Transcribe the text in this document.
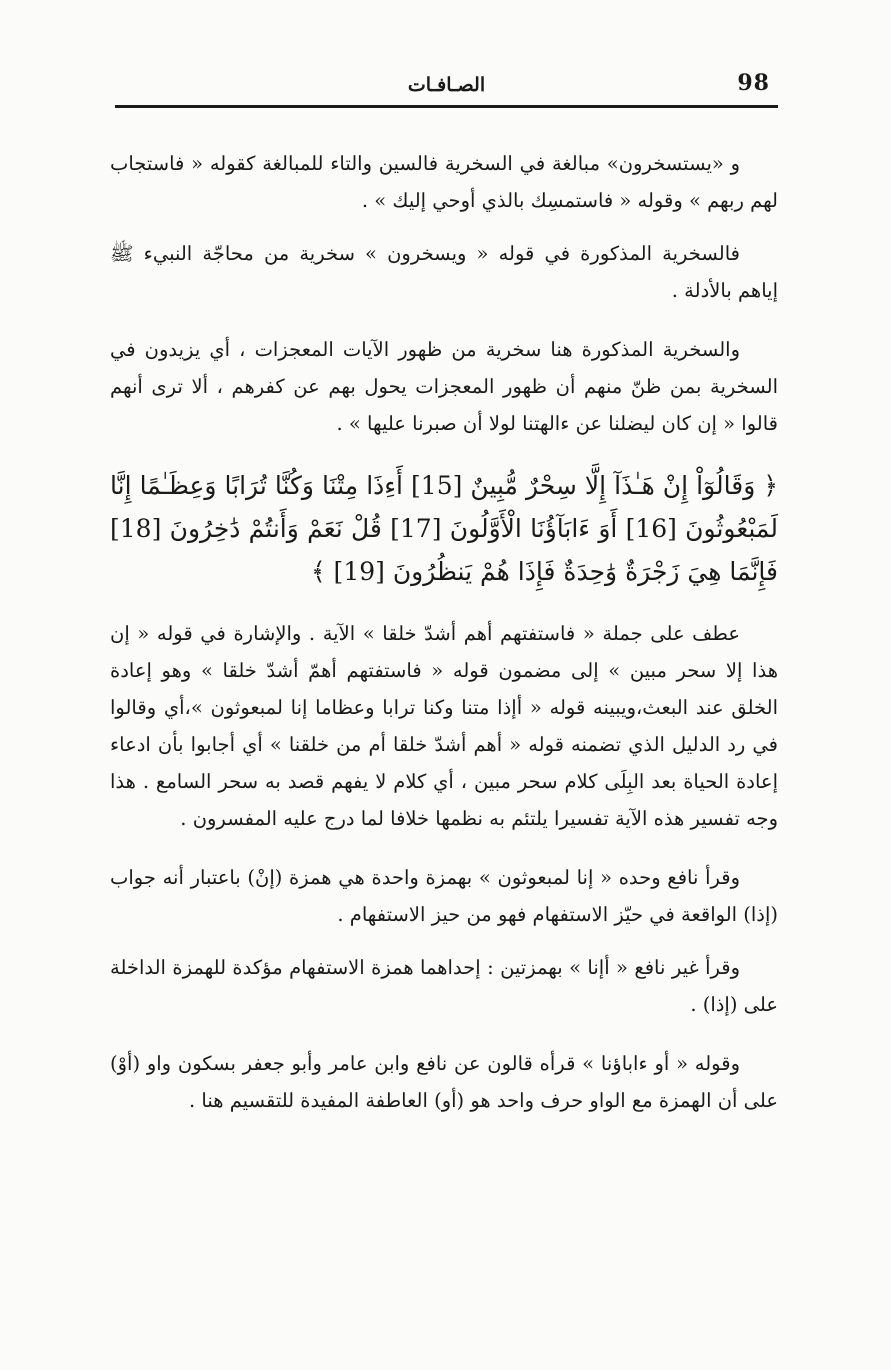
98
الصـافـات

و «يستسخرون» مبالغة في السخرية فالسين والتاء للمبالغة كقوله « فاستجاب لهم ربهم » وقوله « فاستمسِك بالذي أوحي إليك » .

فالسخرية المذكورة في قوله « ويسخرون » سخرية من محاجّة النبيء ﷺ إياهم بالأدلة .

والسخرية المذكورة هنا سخرية من ظهور الآيات المعجزات ، أي يزيدون في السخرية بمن ظنّ منهم أن ظهور المعجزات يحول بهم عن كفرهم ، ألا ترى أنهم قالوا « إن كان ليضلنا عن ءالهتنا لولا أن صبرنا عليها » .

﴿ وَقَالُوٓاْ إِنْ هَـٰذَآ إِلَّا سِحْرٌ مُّبِينٌ [15] أَءِذَا مِتْنَا وَكُنَّا تُرَابًا وَعِظَـٰمًا إِنَّا لَمَبْعُوثُونَ [16] أَوَ ءَابَآؤُنَا الْأَوَّلُونَ [17] قُلْ نَعَمْ وَأَنتُمْ دَٰخِرُونَ [18] فَإِنَّمَا هِيَ زَجْرَةٌ وَٰحِدَةٌ فَإِذَا هُمْ يَنظُرُونَ [19] ﴾

عطف على جملة « فاستفتهم أهم أشدّ خلقا » الآية . والإشارة في قوله « إن هذا إلا سحر مبين » إلى مضمون قوله « فاستفتهم أهمّ أشدّ خلقا » وهو إعادة الخلق عند البعث،ويبينه قوله « أإذا متنا وكنا ترابا وعظاما إنا لمبعوثون »،أي وقالوا في رد الدليل الذي تضمنه قوله « أهم أشدّ خلقا أم من خلقنا » أي أجابوا بأن ادعاء إعادة الحياة بعد البِلَى كلام سحر مبين ، أي كلام لا يفهم قصد به سحر السامع . هذا وجه تفسير هذه الآية تفسيرا يلتئم به نظمها خلافا لما درج عليه المفسرون .

وقرأ نافع وحده « إنا لمبعوثون » بهمزة واحدة هي همزة (إنْ) باعتبار أنه جواب (إذا) الواقعة في حيّز الاستفهام فهو من حيز الاستفهام .

وقرأ غير نافع « أإنا » بهمزتين : إحداهما همزة الاستفهام مؤكدة للهمزة الداخلة على (إذا) .

وقوله « أو ءاباؤنا » قرأه قالون عن نافع وابن عامر وأبو جعفر بسكون واو (أوْ) على أن الهمزة مع الواو حرف واحد هو (أو) العاطفة المفيدة للتقسيم هنا .
